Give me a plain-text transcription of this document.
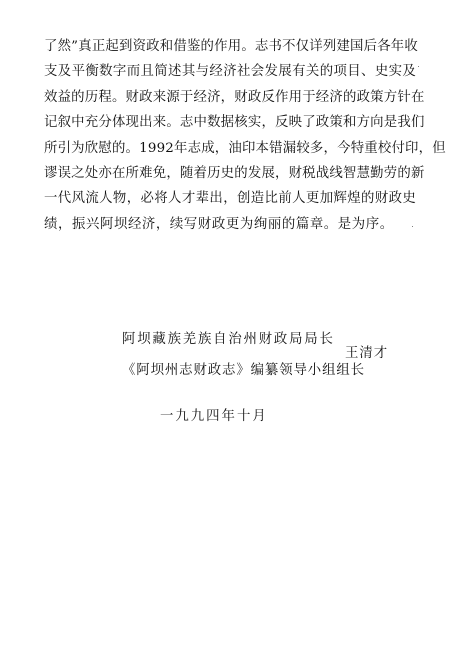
了然”真正起到资政和借鉴的作用。志书不仅详列建国后各年收
支及平衡数字而且简述其与经济社会发展有关的项目、史实及
效益的历程。财政来源于经济，财政反作用于经济的政策方针在
记叙中充分体现出来。志中数据核实，反映了政策和方向是我们
所引为欣慰的。1992年志成，油印本错漏较多，今特重校付印，但
谬误之处亦在所难免，随着历史的发展，财税战线智慧勤劳的新
一代风流人物，必将人才辈出，创造比前人更加辉煌的财政史
绩，振兴阿坝经济，续写财政更为绚丽的篇章。是为序。
阿坝藏族羌族自治州财政局局长
王清才
《阿坝州志财政志》编纂领导小组组长
一九九四年十月
